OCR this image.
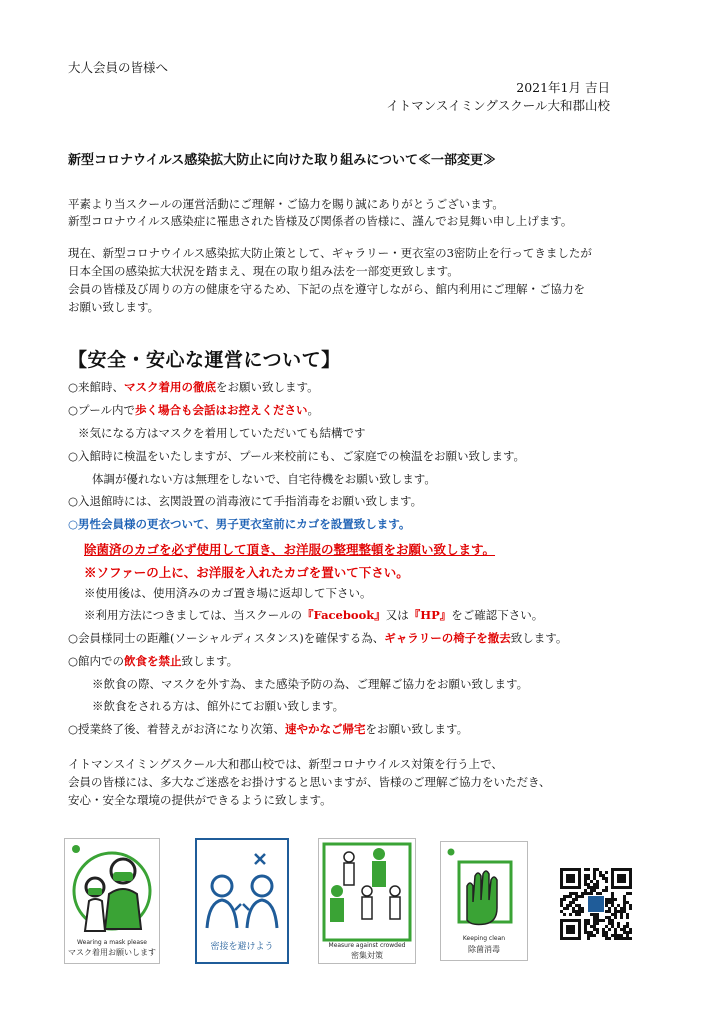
大人会員の皆様へ
2021年1月 吉日
イトマンスイミングスクール大和郡山校
新型コロナウイルス感染拡大防止に向けた取り組みについて≪一部変更≫
平素より当スクールの運営活動にご理解・ご協力を賜り誠にありがとうございます。
新型コロナウイルス感染症に罹患された皆様及び関係者の皆様に、謹んでお見舞い申し上げます。
現在、新型コロナウイルス感染拡大防止策として、ギャラリー・更衣室の3密防止を行ってきましたが
日本全国の感染拡大状況を踏まえ、現在の取り組み法を一部変更致します。
会員の皆様及び周りの方の健康を守るため、下記の点を遵守しながら、館内利用にご理解・ご協力を
お願い致します。
【安全・安心な運営について】
○来館時、マスク着用の徹底をお願い致します。
○プール内で歩く場合も会話はお控えください。
※気になる方はマスクを着用していただいても結構です
○入館時に検温をいたしますが、プール来校前にも、ご家庭での検温をお願い致します。
体調が優れない方は無理をしないで、自宅待機をお願い致します。
○入退館時には、玄関設置の消毒液にて手指消毒をお願い致します。
○男性会員様の更衣ついて、男子更衣室前にカゴを設置致します。
除菌済のカゴを必ず使用して頂き、お洋服の整理整頓をお願い致します。
※ソファーの上に、お洋服を入れたカゴを置いて下さい。
※使用後は、使用済みのカゴ置き場に返却して下さい。
※利用方法につきましては、当スクールの『Facebook』又は『HP』をご確認下さい。
○会員様同士の距離(ソーシャルディスタンス)を確保する為、ギャラリーの椅子を撤去致します。
○館内での飲食を禁止致します。
※飲食の際、マスクを外す為、また感染予防の為、ご理解ご協力をお願い致します。
※飲食をされる方は、館外にてお願い致します。
○授業終了後、着替えがお済になり次第、速やかなご帰宅をお願い致します。
イトマンスイミングスクール大和郡山校では、新型コロナウイルス対策を行う上で、
会員の皆様には、多大なご迷惑をお掛けすると思いますが、皆様のご理解ご協力をいただき、
安心・安全な環境の提供ができるように致します。
Wearing a mask please
マスク着用お願いします
密接を避けよう	Measure against crowded
密集対策
Keeping clean
除菌消毒
